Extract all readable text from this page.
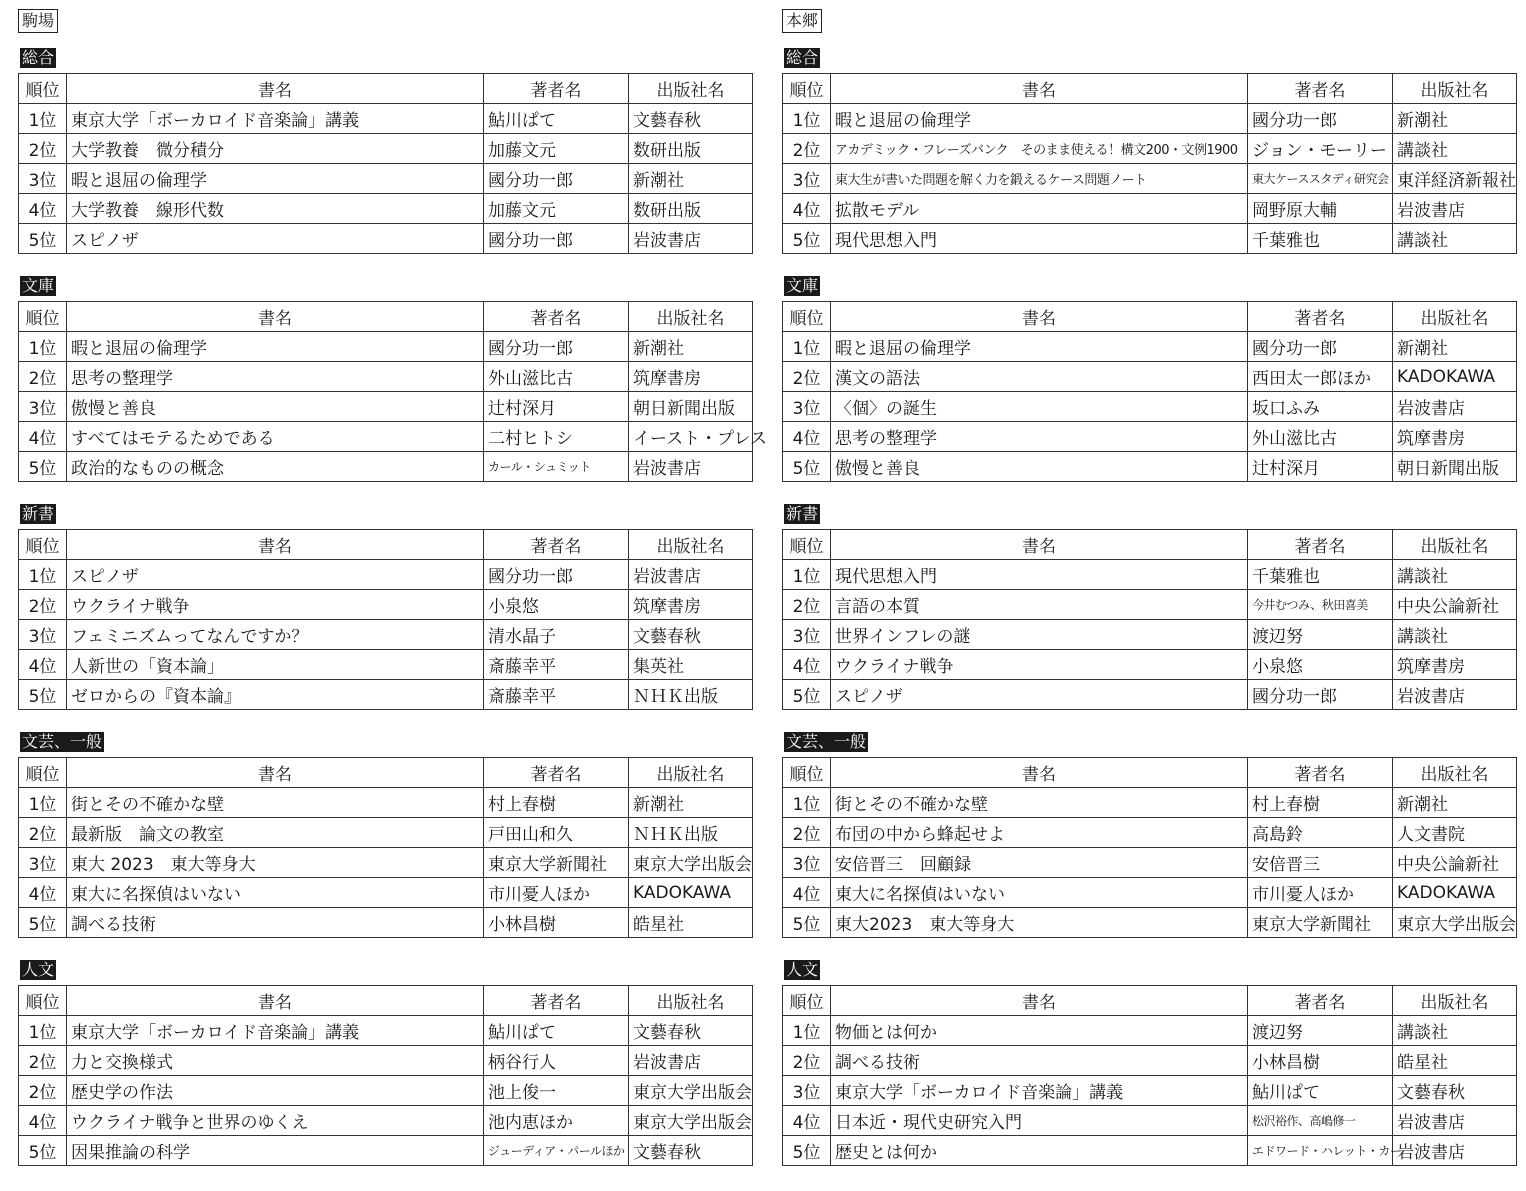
駒場
総合
順位	書名	著者名	出版社名
1位	東京大学「ボーカロイド音楽論」講義	鮎川ぱて	文藝春秋
2位	大学教養　微分積分	加藤文元	数研出版
3位	暇と退屈の倫理学	國分功一郎	新潮社
4位	大学教養　線形代数	加藤文元	数研出版
5位	スピノザ	國分功一郎	岩波書店
文庫
順位	書名	著者名	出版社名
1位	暇と退屈の倫理学	國分功一郎	新潮社
2位	思考の整理学	外山滋比古	筑摩書房
3位	傲慢と善良	辻村深月	朝日新聞出版
4位	すべてはモテるためである	二村ヒトシ	イースト・プレス
5位	政治的なものの概念	カール・シュミット	岩波書店
新書
順位	書名	著者名	出版社名
1位	スピノザ	國分功一郎	岩波書店
2位	ウクライナ戦争	小泉悠	筑摩書房
3位	フェミニズムってなんですか？	清水晶子	文藝春秋
4位	人新世の「資本論」	斎藤幸平	集英社
5位	ゼロからの『資本論』	斎藤幸平	ＮＨＫ出版
文芸、一般
順位	書名	著者名	出版社名
1位	街とその不確かな壁	村上春樹	新潮社
2位	最新版　論文の教室	戸田山和久	ＮＨＫ出版
3位	東大 2023　東大等身大	東京大学新聞社	東京大学出版会
4位	東大に名探偵はいない	市川憂人ほか	KADOKAWA
5位	調べる技術	小林昌樹	皓星社
人文
順位	書名	著者名	出版社名
1位	東京大学「ボーカロイド音楽論」講義	鮎川ぱて	文藝春秋
2位	力と交換様式	柄谷行人	岩波書店
2位	歴史学の作法	池上俊一	東京大学出版会
4位	ウクライナ戦争と世界のゆくえ	池内恵ほか	東京大学出版会
5位	因果推論の科学	ジューディア・パールほか	文藝春秋
本郷
総合
順位	書名	著者名	出版社名
1位	暇と退屈の倫理学	國分功一郎	新潮社
2位	アカデミック・フレーズバンク　そのまま使える！構文200・文例1900	ジョン・モーリー	講談社
3位	東大生が書いた問題を解く力を鍛えるケース問題ノート	東大ケーススタディ研究会	東洋経済新報社
4位	拡散モデル	岡野原大輔	岩波書店
5位	現代思想入門	千葉雅也	講談社
文庫
順位	書名	著者名	出版社名
1位	暇と退屈の倫理学	國分功一郎	新潮社
2位	漢文の語法	西田太一郎ほか	KADOKAWA
3位	〈個〉の誕生	坂口ふみ	岩波書店
4位	思考の整理学	外山滋比古	筑摩書房
5位	傲慢と善良	辻村深月	朝日新聞出版
新書
順位	書名	著者名	出版社名
1位	現代思想入門	千葉雅也	講談社
2位	言語の本質	今井むつみ、秋田喜美	中央公論新社
3位	世界インフレの謎	渡辺努	講談社
4位	ウクライナ戦争	小泉悠	筑摩書房
5位	スピノザ	國分功一郎	岩波書店
文芸、一般
順位	書名	著者名	出版社名
1位	街とその不確かな壁	村上春樹	新潮社
2位	布団の中から蜂起せよ	高島鈴	人文書院
3位	安倍晋三　回顧録	安倍晋三	中央公論新社
4位	東大に名探偵はいない	市川憂人ほか	KADOKAWA
5位	東大2023　東大等身大	東京大学新聞社	東京大学出版会
人文
順位	書名	著者名	出版社名
1位	物価とは何か	渡辺努	講談社
2位	調べる技術	小林昌樹	皓星社
3位	東京大学「ボーカロイド音楽論」講義	鮎川ぱて	文藝春秋
4位	日本近・現代史研究入門	松沢裕作、高嶋修一	岩波書店
5位	歴史とは何か	エドワード・ハレット・カー	岩波書店
